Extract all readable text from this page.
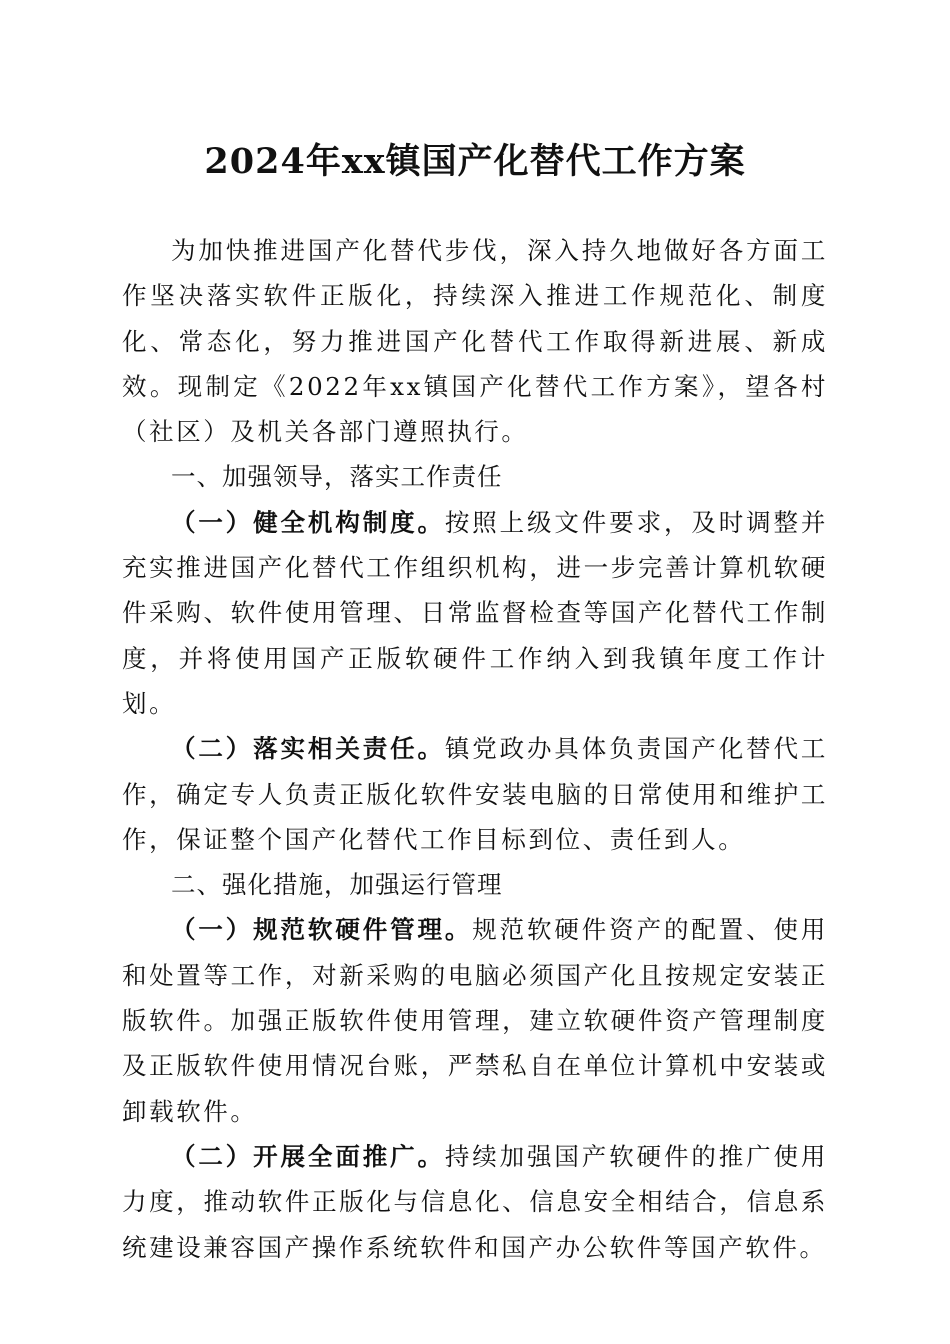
2024年xx镇国产化替代工作方案

为加快推进国产化替代步伐，深入持久地做好各方面工作坚决落实软件正版化，持续深入推进工作规范化、制度化、常态化，努力推进国产化替代工作取得新进展、新成效。现制定《2022年xx镇国产化替代工作方案》，望各村（社区）及机关各部门遵照执行。

一、加强领导，落实工作责任

（一）健全机构制度。按照上级文件要求，及时调整并充实推进国产化替代工作组织机构，进一步完善计算机软硬件采购、软件使用管理、日常监督检查等国产化替代工作制度，并将使用国产正版软硬件工作纳入到我镇年度工作计划。

（二）落实相关责任。镇党政办具体负责国产化替代工作，确定专人负责正版化软件安装电脑的日常使用和维护工作，保证整个国产化替代工作目标到位、责任到人。

二、强化措施，加强运行管理

（一）规范软硬件管理。规范软硬件资产的配置、使用和处置等工作，对新采购的电脑必须国产化且按规定安装正版软件。加强正版软件使用管理，建立软硬件资产管理制度及正版软件使用情况台账，严禁私自在单位计算机中安装或卸载软件。

（二）开展全面推广。持续加强国产软硬件的推广使用力度，推动软件正版化与信息化、信息安全相结合，信息系统建设兼容国产操作系统软件和国产办公软件等国产软件。
